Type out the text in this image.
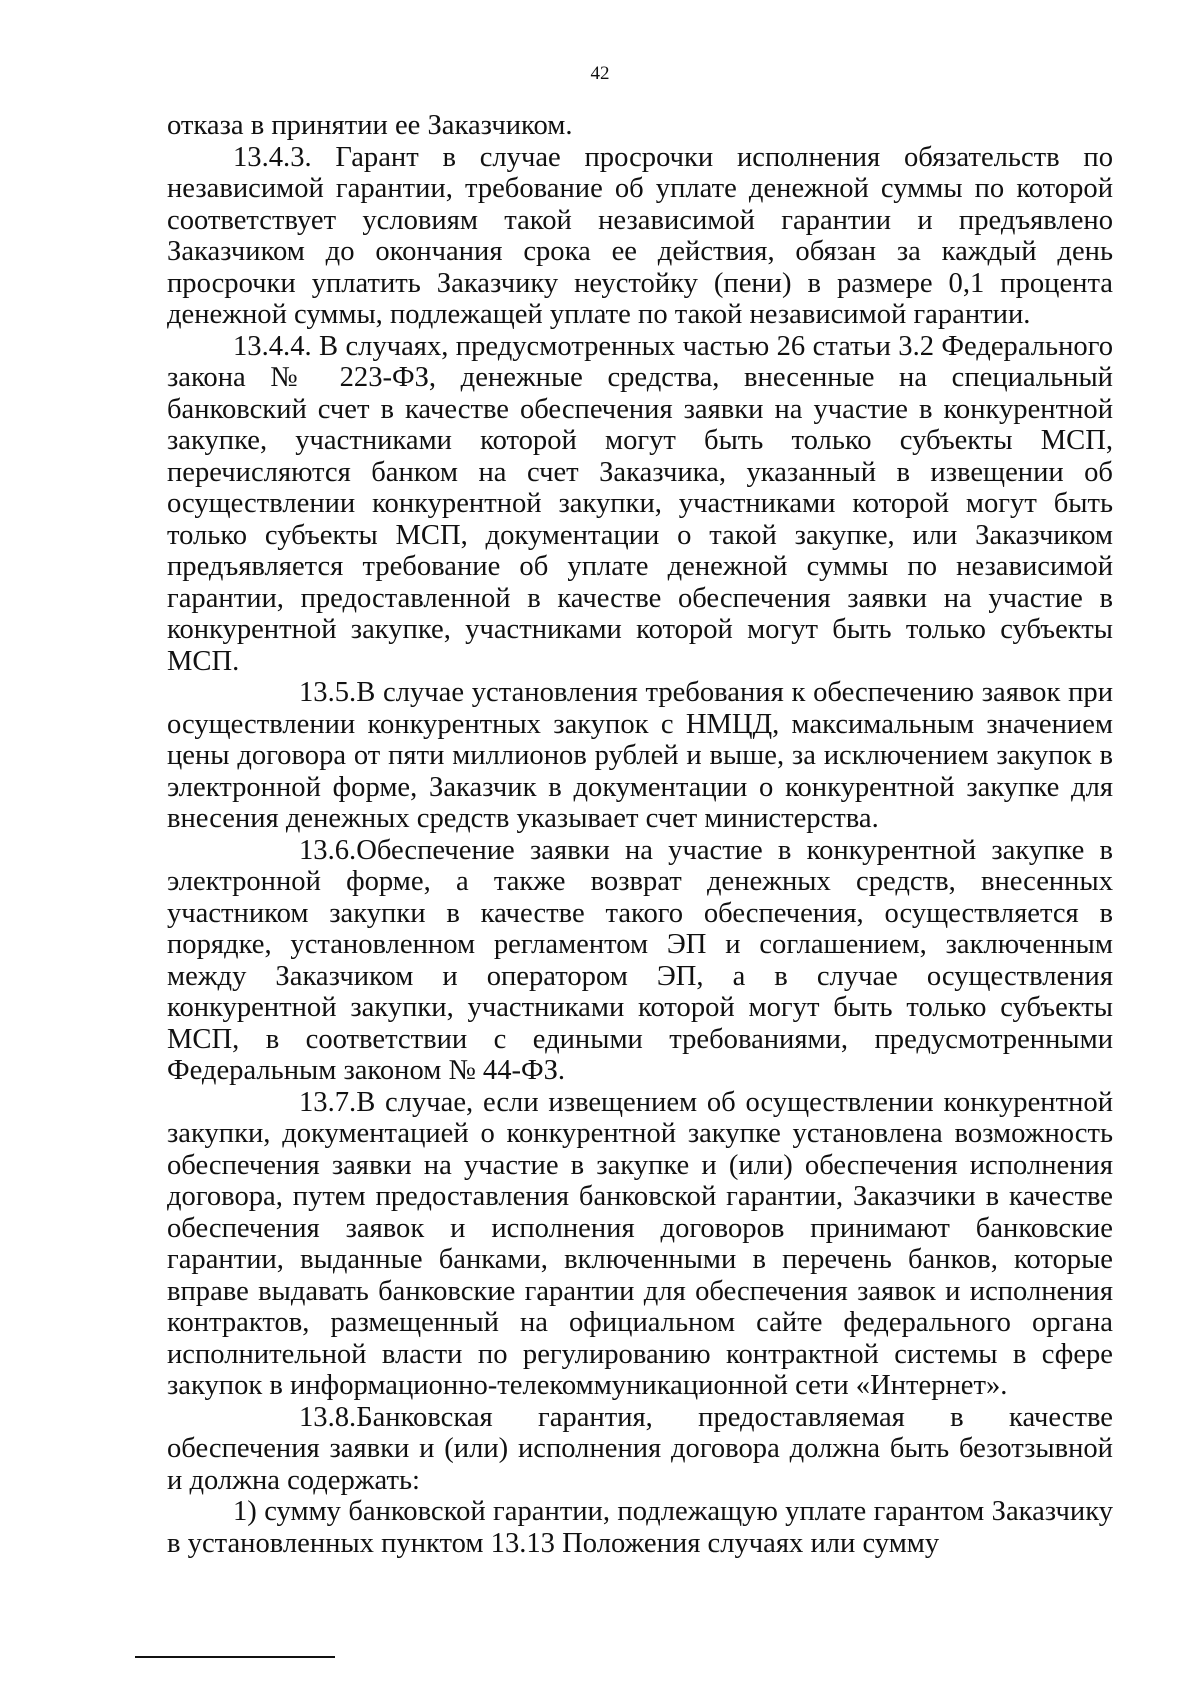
42

отказа в принятии ее Заказчиком.

13.4.3. Гарант в случае просрочки исполнения обязательств по независимой гарантии, требование об уплате денежной суммы по которой соответствует условиям такой независимой гарантии и предъявлено Заказчиком до окончания срока ее действия, обязан за каждый день просрочки уплатить Заказчику неустойку (пени) в размере 0,1 процента денежной суммы, подлежащей уплате по такой независимой гарантии.

13.4.4. В случаях, предусмотренных частью 26 статьи 3.2 Федерального закона № 223-ФЗ, денежные средства, внесенные на специальный банковский счет в качестве обеспечения заявки на участие в конкурентной закупке, участниками которой могут быть только субъекты МСП, перечисляются банком на счет Заказчика, указанный в извещении об осуществлении конкурентной закупки, участниками которой могут быть только субъекты МСП, документации о такой закупке, или Заказчиком предъявляется требование об уплате денежной суммы по независимой гарантии, предоставленной в качестве обеспечения заявки на участие в конкурентной закупке, участниками которой могут быть только субъекты МСП.

13.5.В случае установления требования к обеспечению заявок при осуществлении конкурентных закупок с НМЦД, максимальным значением цены договора от пяти миллионов рублей и выше, за исключением закупок в электронной форме, Заказчик в документации о конкурентной закупке для внесения денежных средств указывает счет министерства.

13.6.Обеспечение заявки на участие в конкурентной закупке в электронной форме, а также возврат денежных средств, внесенных участником закупки в качестве такого обеспечения, осуществляется в порядке, установленном регламентом ЭП и соглашением, заключенным между Заказчиком и оператором ЭП, а в случае осуществления конкурентной закупки, участниками которой могут быть только субъекты МСП, в соответствии с едиными требованиями, предусмотренными Федеральным законом № 44-ФЗ.

13.7.В случае, если извещением об осуществлении конкурентной закупки, документацией о конкурентной закупке установлена возможность обеспечения заявки на участие в закупке и (или) обеспечения исполнения договора, путем предоставления банковской гарантии, Заказчики в качестве обеспечения заявок и исполнения договоров принимают банковские гарантии, выданные банками, включенными в перечень банков, которые вправе выдавать банковские гарантии для обеспечения заявок и исполнения контрактов, размещенный на официальном сайте федерального органа исполнительной власти по регулированию контрактной системы в сфере закупок в информационно-телекоммуникационной сети «Интернет».

13.8.Банковская гарантия, предоставляемая в качестве обеспечения заявки и (или) исполнения договора должна быть безотзывной и должна содержать:

1) сумму банковской гарантии, подлежащую уплате гарантом Заказчику в установленных пунктом 13.13 Положения случаях или сумму
